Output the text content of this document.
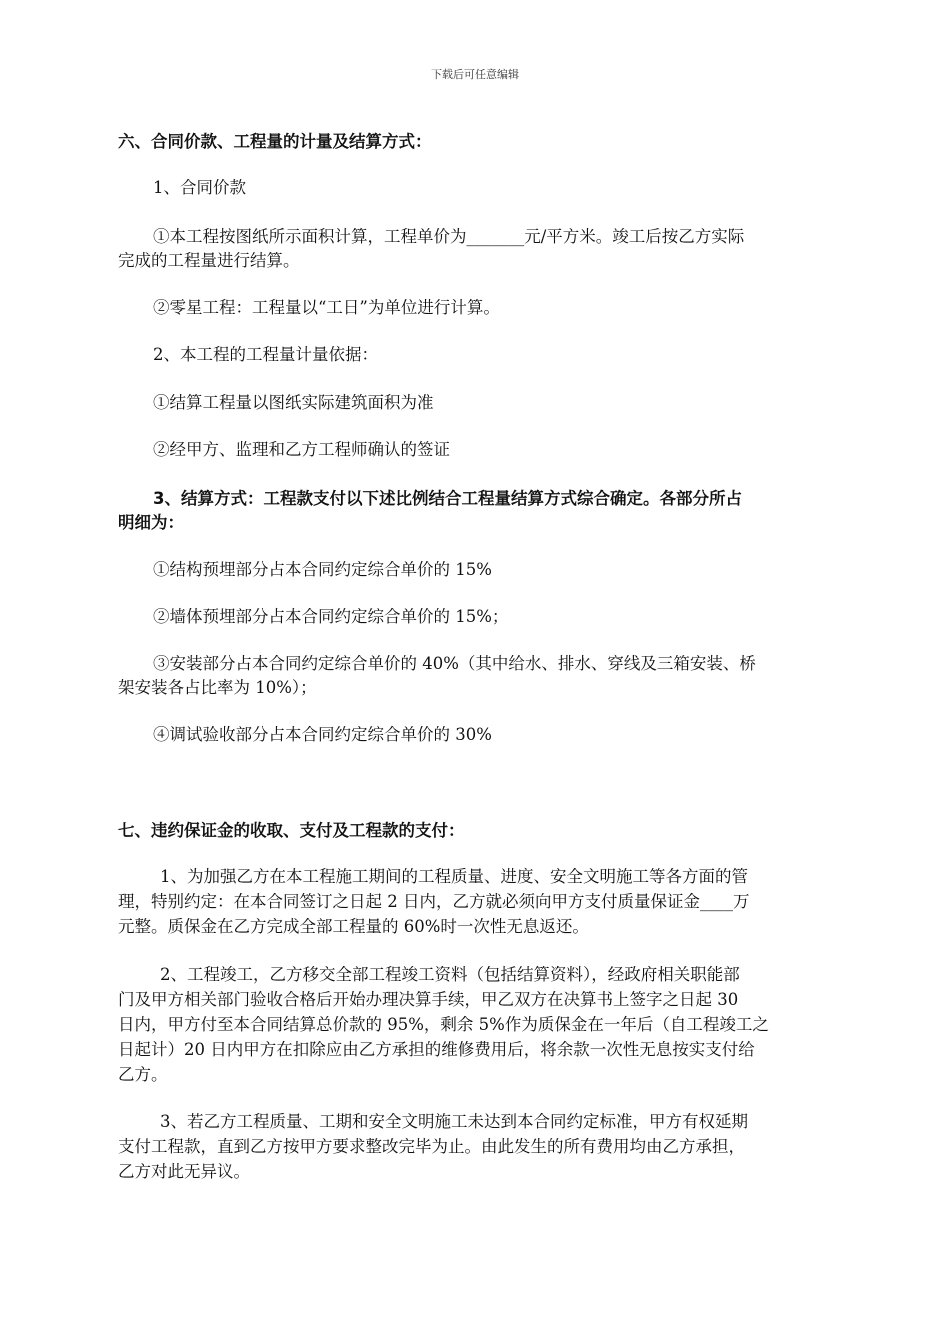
下载后可任意编辑
六、合同价款、工程量的计量及结算方式：
1、合同价款
①本工程按图纸所示面积计算，工程单价为_______元/平方米。竣工后按乙方实际
完成的工程量进行结算。
②零星工程：工程量以“工日”为单位进行计算。
2、本工程的工程量计量依据：
①结算工程量以图纸实际建筑面积为准
②经甲方、监理和乙方工程师确认的签证
3、结算方式：工程款支付以下述比例结合工程量结算方式综合确定。各部分所占
明细为：
①结构预埋部分占本合同约定综合单价的 15%
②墙体预埋部分占本合同约定综合单价的 15%；
③安装部分占本合同约定综合单价的 40%（其中给水、排水、穿线及三箱安装、桥
架安装各占比率为 10%）；
④调试验收部分占本合同约定综合单价的 30%
七、违约保证金的收取、支付及工程款的支付：
1、为加强乙方在本工程施工期间的工程质量、进度、安全文明施工等各方面的管
理，特别约定：在本合同签订之日起 2 日内，乙方就必须向甲方支付质量保证金____万
元整。质保金在乙方完成全部工程量的 60%时一次性无息返还。
2、工程竣工，乙方移交全部工程竣工资料（包括结算资料），经政府相关职能部
门及甲方相关部门验收合格后开始办理决算手续，甲乙双方在决算书上签字之日起 30
日内，甲方付至本合同结算总价款的 95%，剩余 5%作为质保金在一年后（自工程竣工之
日起计）20 日内甲方在扣除应由乙方承担的维修费用后，将余款一次性无息按实支付给
乙方。
3、若乙方工程质量、工期和安全文明施工未达到本合同约定标准，甲方有权延期
支付工程款，直到乙方按甲方要求整改完毕为止。由此发生的所有费用均由乙方承担，
乙方对此无异议。
